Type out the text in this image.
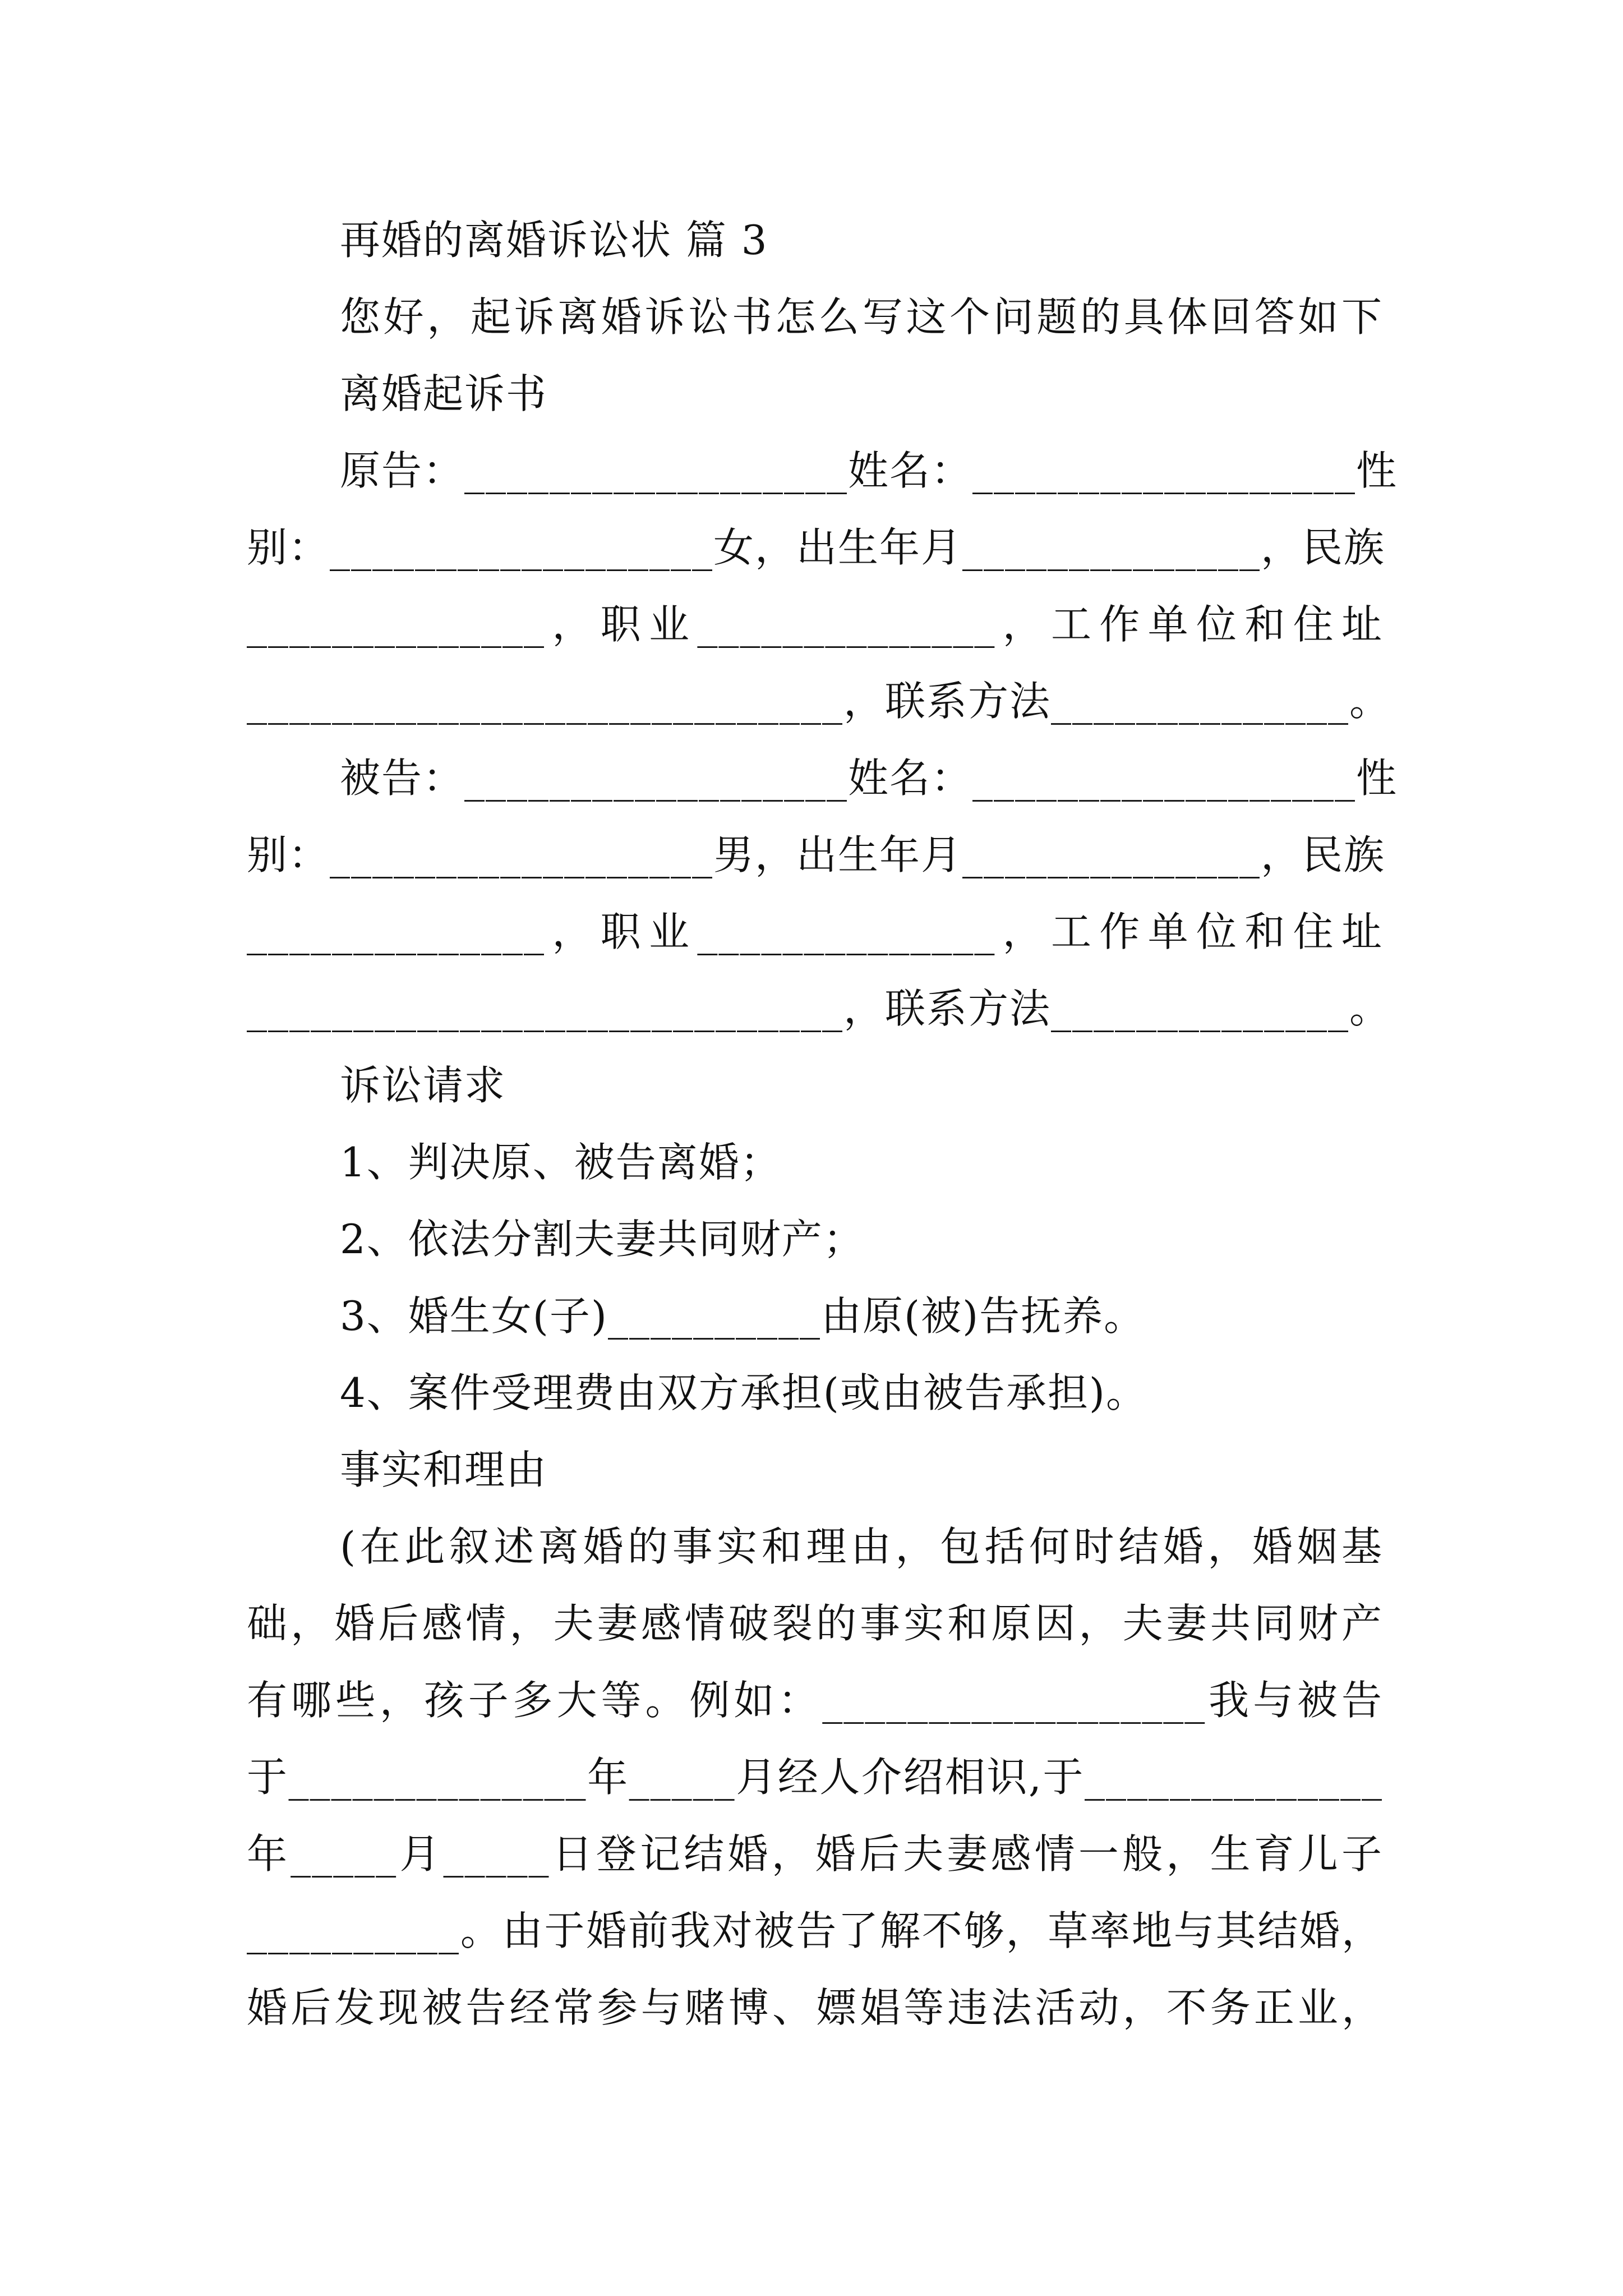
再婚的离婚诉讼状 篇 3
您好，起诉离婚诉讼书怎么写这个问题的具体回答如下
离婚起诉书
原告：__________________姓名：__________________性
别：__________________女，出生年月______________，民族
______________，职业______________，工作单位和住址
____________________________，联系方法______________。
被告：__________________姓名：__________________性
别：__________________男，出生年月______________，民族
______________，职业______________，工作单位和住址
____________________________，联系方法______________。
诉讼请求
1、判决原、被告离婚；
2、依法分割夫妻共同财产；
3、婚生女(子)__________由原(被)告抚养。
4、案件受理费由双方承担(或由被告承担)。
事实和理由
(在此叙述离婚的事实和理由，包括何时结婚，婚姻基
础，婚后感情，夫妻感情破裂的事实和原因，夫妻共同财产
有哪些，孩子多大等。例如：__________________我与被告
于______________年_____月经人介绍相识,于______________
年_____月_____日登记结婚，婚后夫妻感情一般，生育儿子
__________。由于婚前我对被告了解不够，草率地与其结婚，
婚后发现被告经常参与赌博、嫖娼等违法活动，不务正业，
